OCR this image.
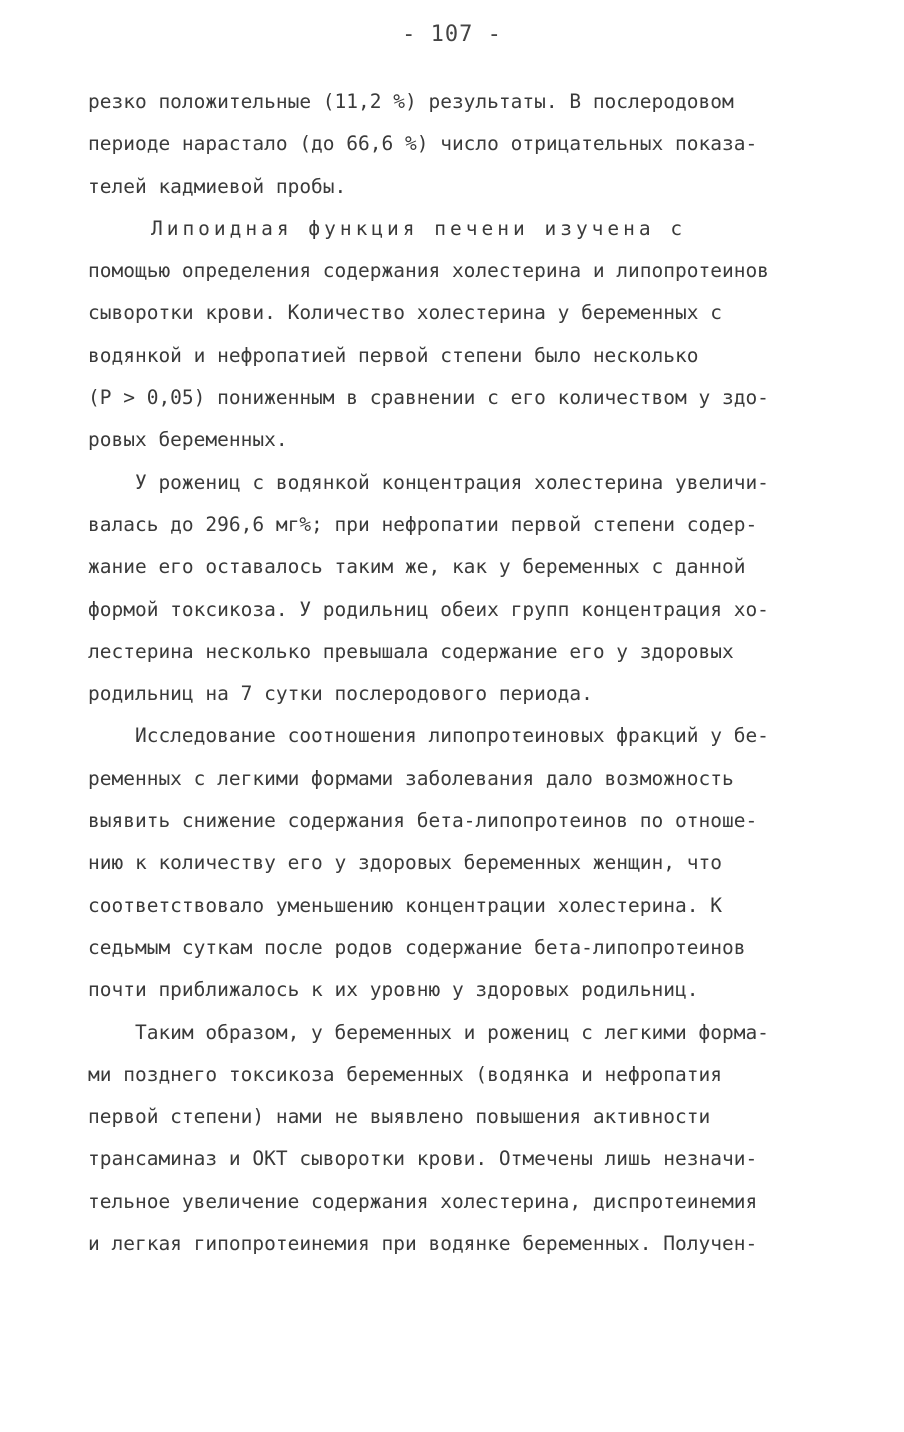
- 107 -
резко положительные (11,2 %) результаты. В послеродовом
периоде нарастало (до 66,6 %) число отрицательных показа-
телей кадмиевой пробы.
Липоидная функция печени изучена с
помощью определения содержания холестерина и липопротеинов
сыворотки крови. Количество холестерина у беременных с
водянкой и нефропатией первой степени было несколько
(Р > 0,05) пониженным в сравнении с его количеством у здо-
ровых беременных.
У рожениц с водянкой концентрация холестерина увеличи-
валась до 296,6 мг%; при нефропатии первой степени содер-
жание его оставалось таким же, как у беременных с данной
формой токсикоза. У родильниц обеих групп концентрация хо-
лестерина несколько превышала содержание его у здоровых
родильниц на 7 сутки послеродового периода.
Исследование соотношения липопротеиновых фракций у бе-
ременных с легкими формами заболевания дало возможность
выявить снижение содержания бета-липопротеинов по отноше-
нию к количеству его у здоровых беременных женщин, что
соответствовало уменьшению концентрации холестерина. К
седьмым суткам после родов содержание бета-липопротеинов
почти приближалось к их уровню у здоровых родильниц.
Таким образом, у беременных и рожениц с легкими форма-
ми позднего токсикоза беременных (водянка и нефропатия
первой степени) нами не выявлено повышения активности
трансаминаз и ОКТ сыворотки крови. Отмечены лишь незначи-
тельное увеличение содержания холестерина, диспротеинемия
и легкая гипопротеинемия при водянке беременных. Получен-
